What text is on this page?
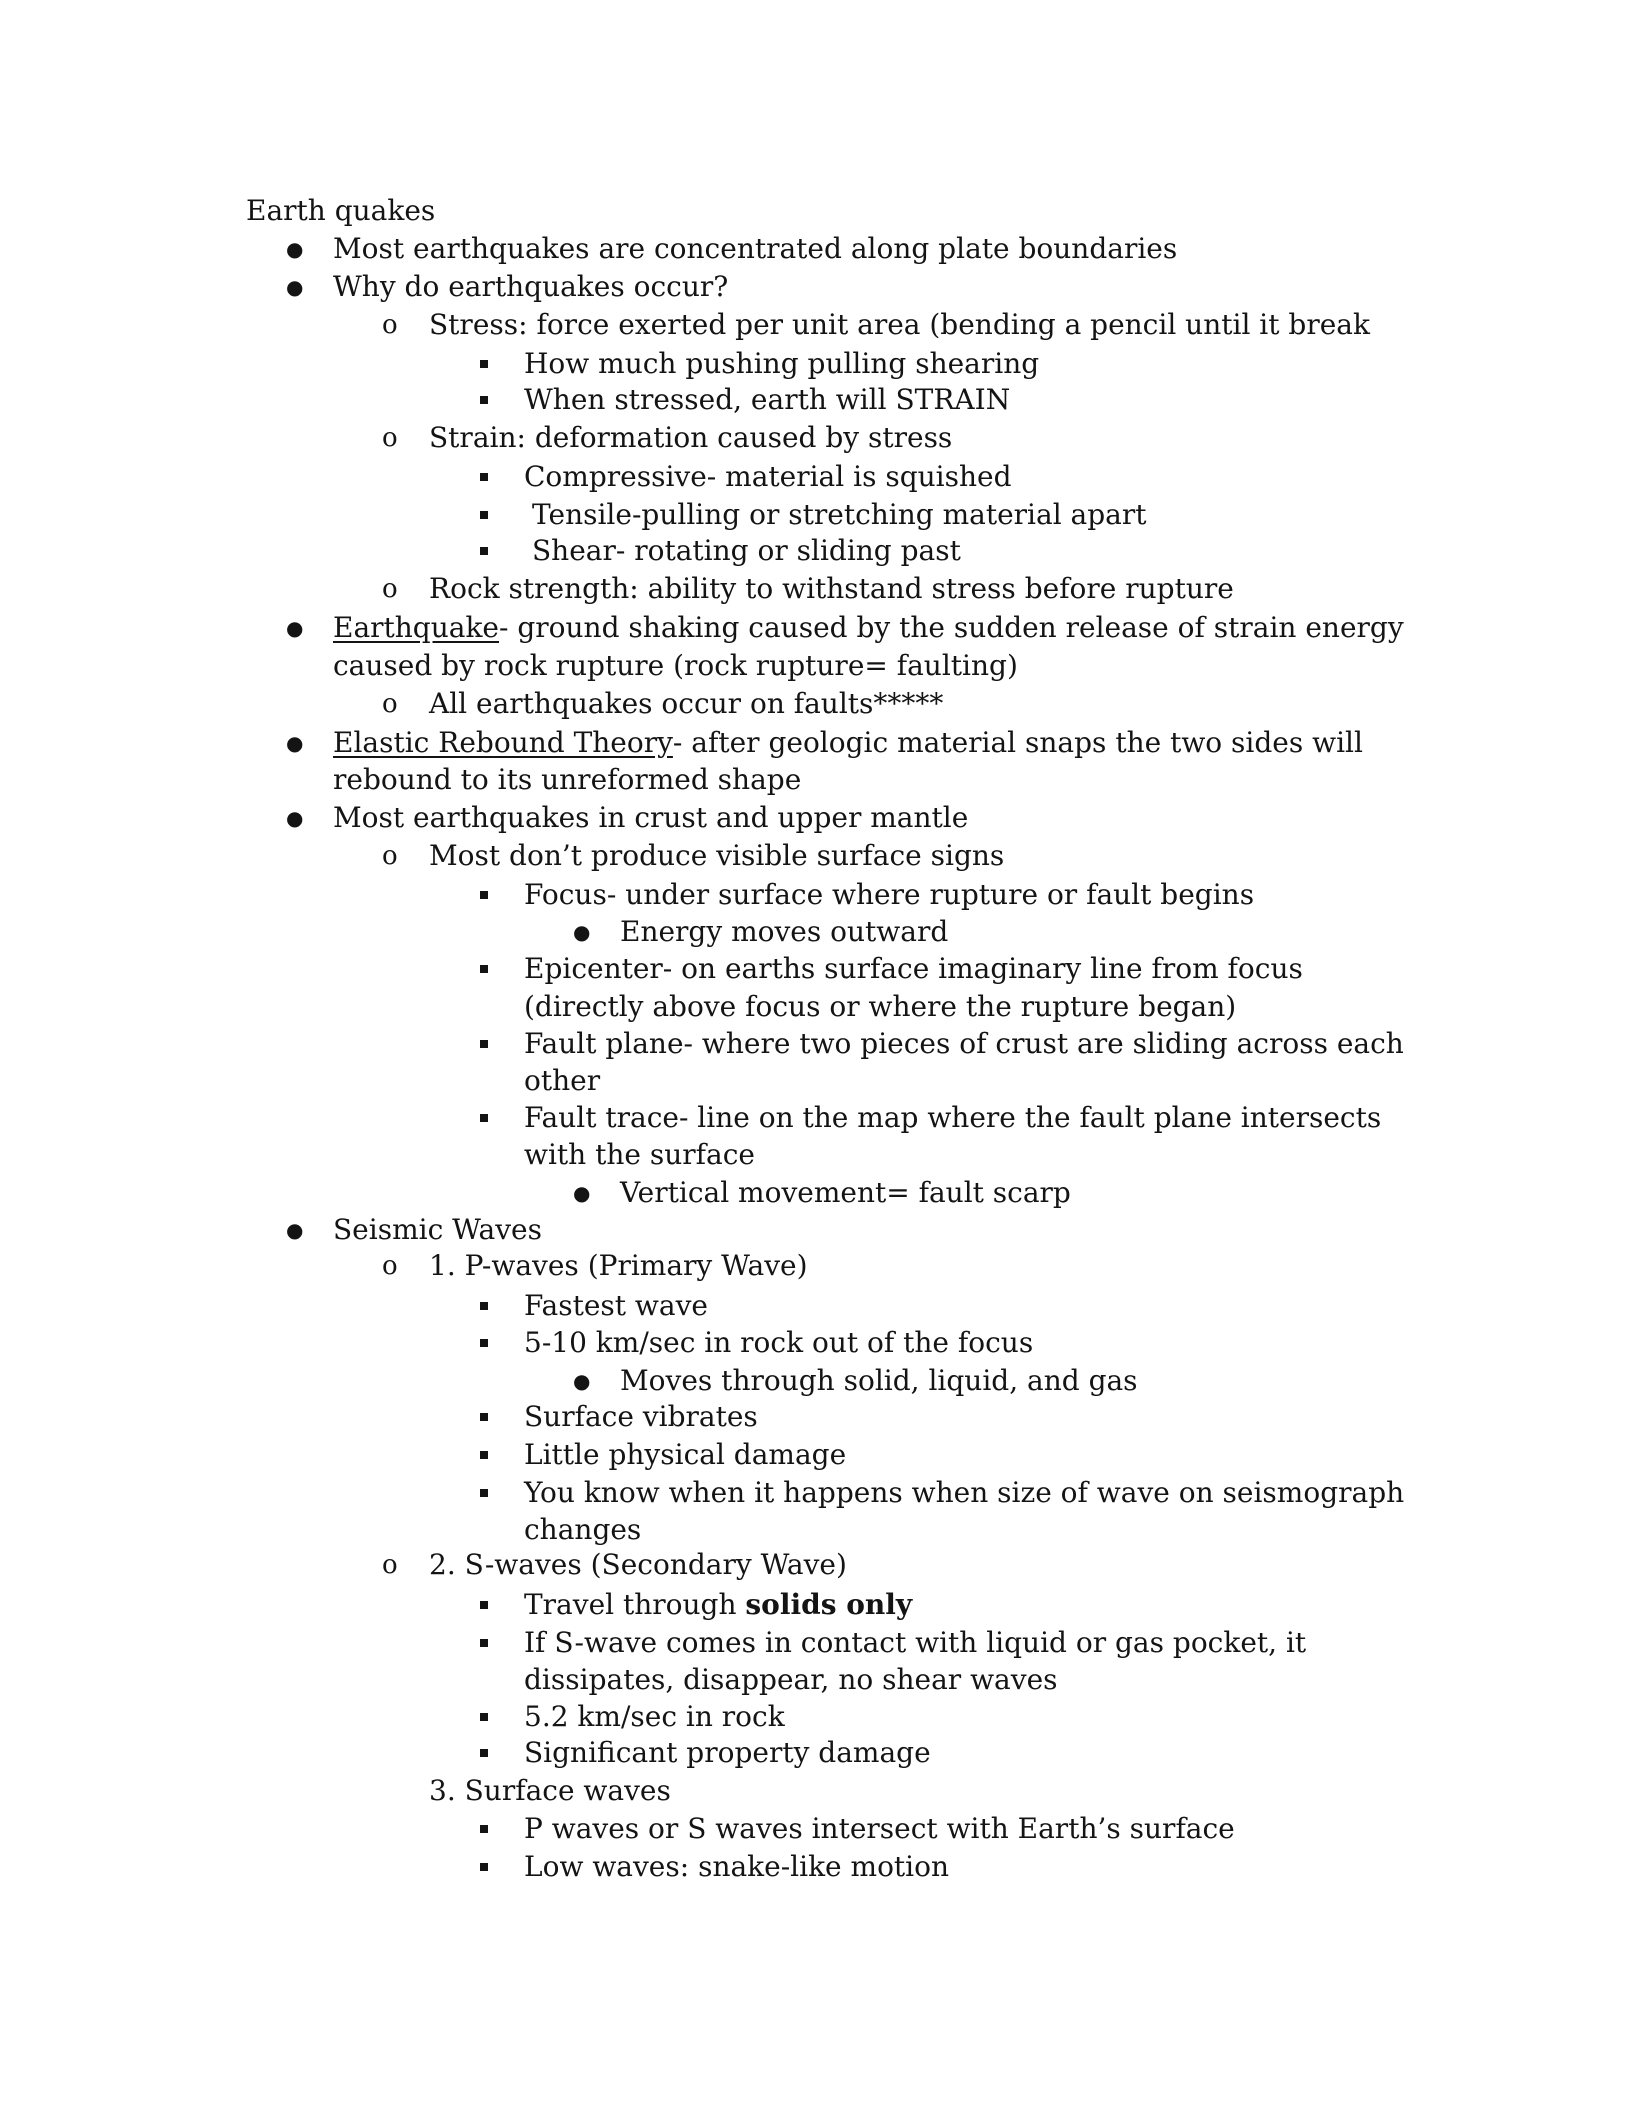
Earth quakes
● Most earthquakes are concentrated along plate boundaries
● Why do earthquakes occur?
o Stress: force exerted per unit area (bending a pencil until it break
How much pushing pulling shearing
When stressed, earth will STRAIN
o Strain: deformation caused by stress
Compressive- material is squished
Tensile-pulling or stretching material apart
Shear- rotating or sliding past
o Rock strength: ability to withstand stress before rupture
● Earthquake- ground shaking caused by the sudden release of strain energy
caused by rock rupture (rock rupture= faulting)
o All earthquakes occur on faults*****
● Elastic Rebound Theory- after geologic material snaps the two sides will
rebound to its unreformed shape
● Most earthquakes in crust and upper mantle
o Most don’t produce visible surface signs
Focus- under surface where rupture or fault begins
● Energy moves outward
Epicenter- on earths surface imaginary line from focus
(directly above focus or where the rupture began)
Fault plane- where two pieces of crust are sliding across each
other
Fault trace- line on the map where the fault plane intersects
with the surface
● Vertical movement= fault scarp
● Seismic Waves
o 1. P-waves (Primary Wave)
Fastest wave
5-10 km/sec in rock out of the focus
● Moves through solid, liquid, and gas
Surface vibrates
Little physical damage
You know when it happens when size of wave on seismograph
changes
o 2. S-waves (Secondary Wave)
Travel through solids only
If S-wave comes in contact with liquid or gas pocket, it
dissipates, disappear, no shear waves
5.2 km/sec in rock
Significant property damage
3. Surface waves
P waves or S waves intersect with Earth’s surface
Low waves: snake-like motion
